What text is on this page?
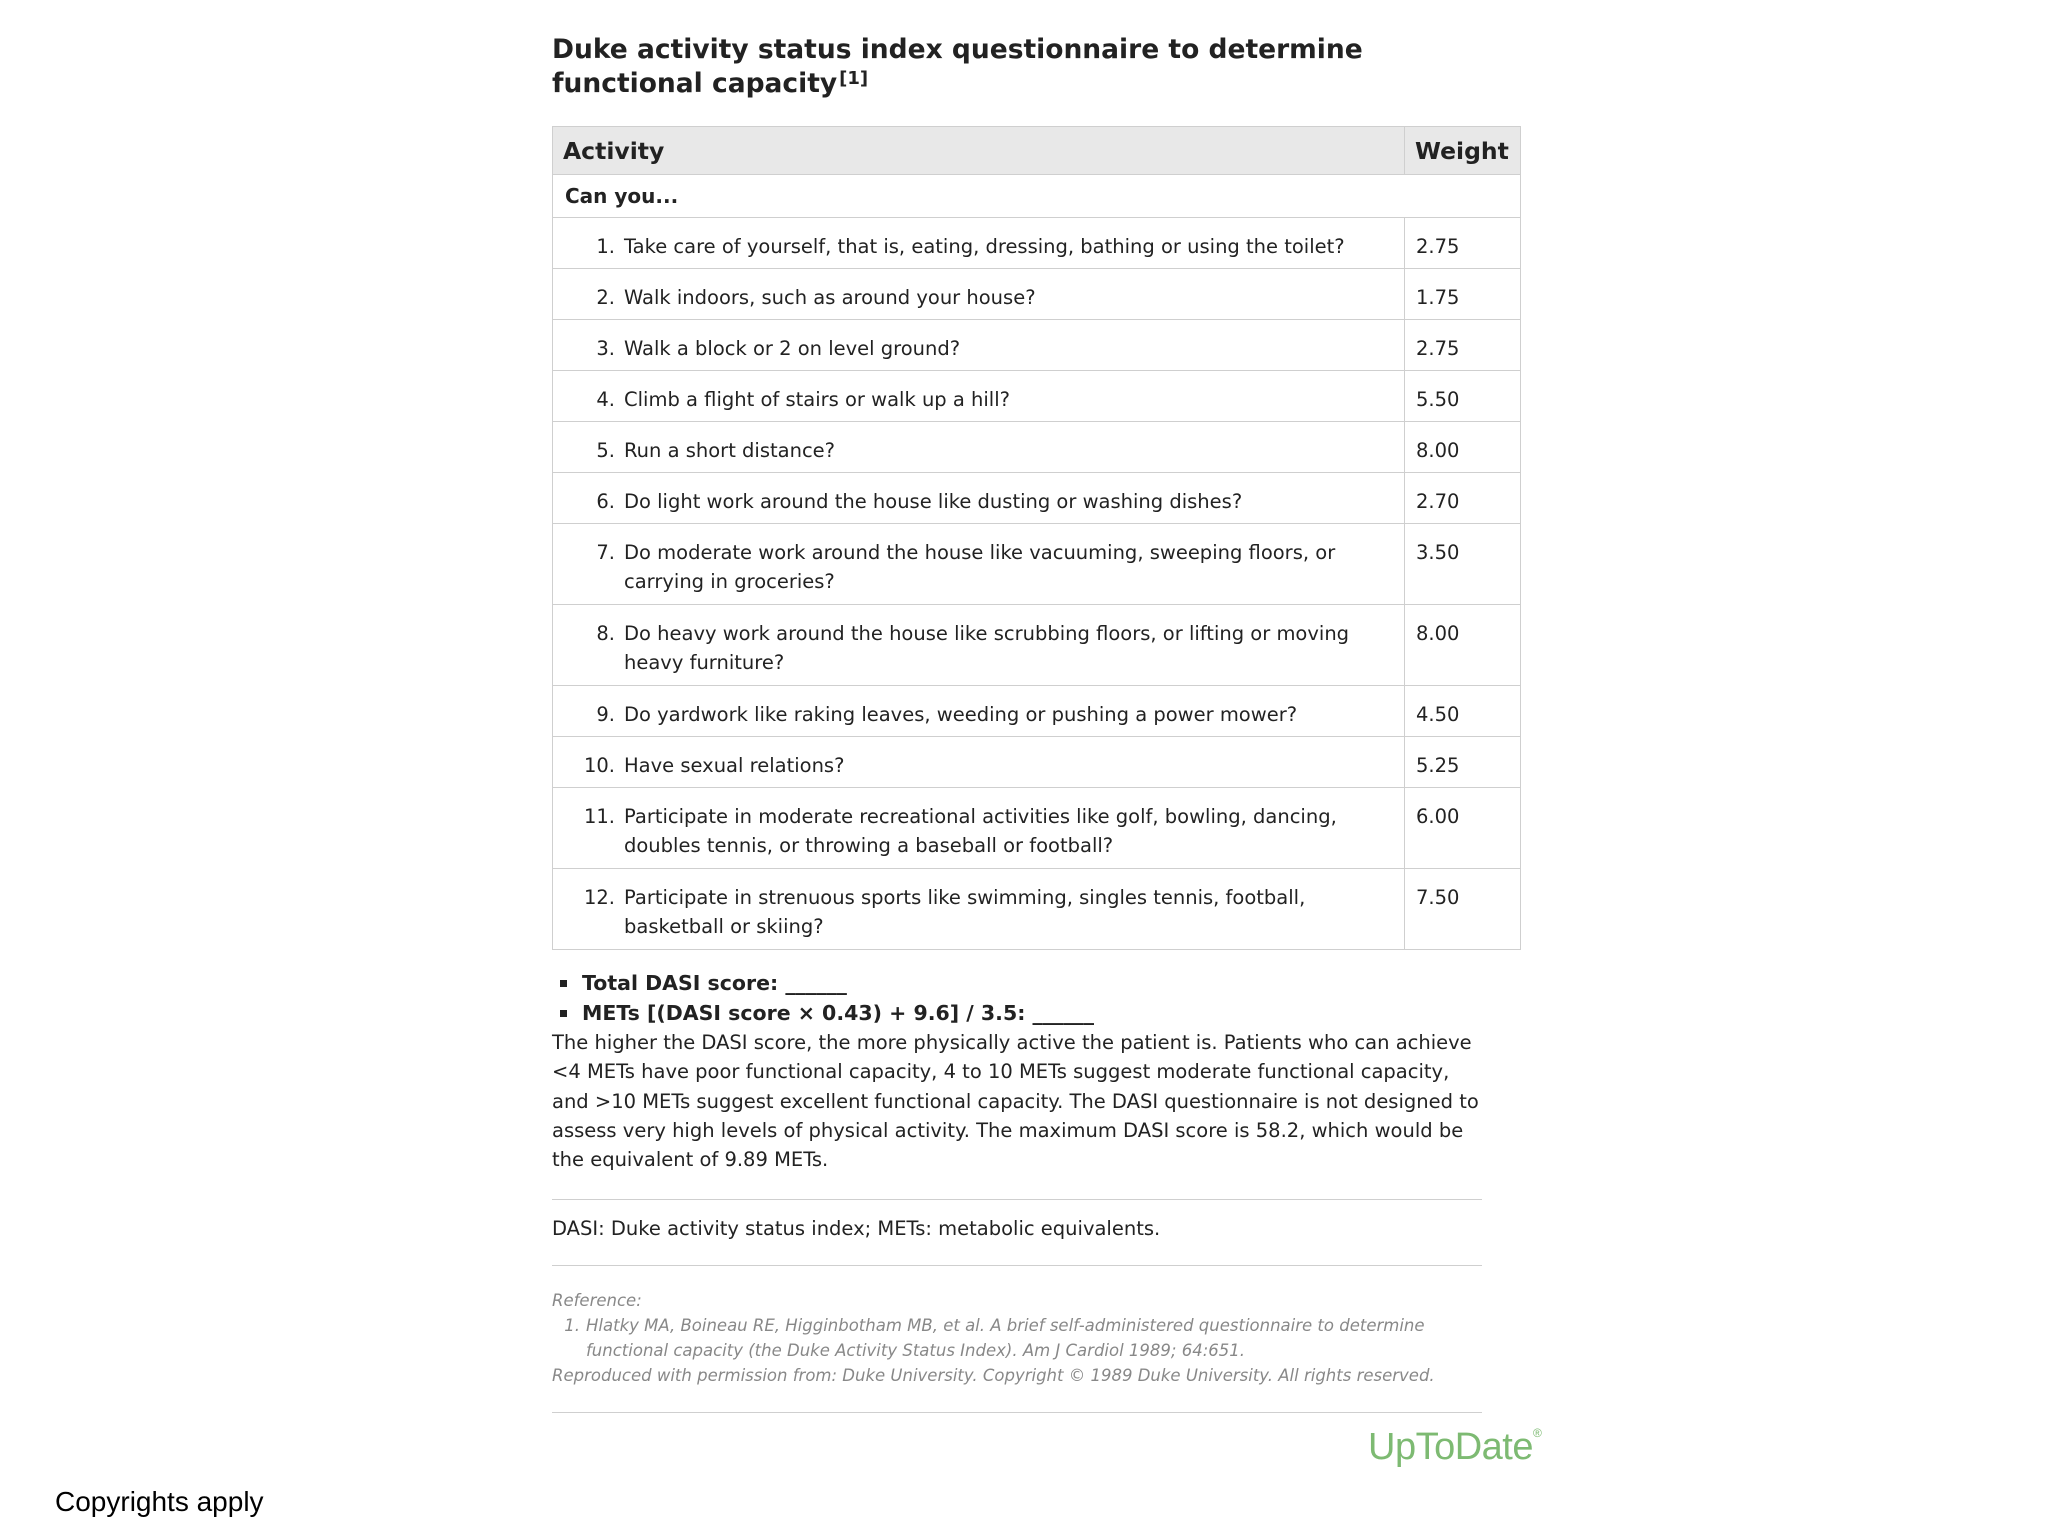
Duke activity status index questionnaire to determine functional capacity [1]
Activity	Weight
Can you...	

1. Take care of yourself, that is, eating, dressing, bathing or using the toilet?	2.75

2. Walk indoors, such as around your house?	1.75

3. Walk a block or 2 on level ground?	2.75

4. Climb a flight of stairs or walk up a hill?	5.50

5. Run a short distance?	8.00

6. Do light work around the house like dusting or washing dishes?	2.70

7. Do moderate work around the house like vacuuming, sweeping floors, or carrying in groceries?	3.50

8. Do heavy work around the house like scrubbing floors, or lifting or moving heavy furniture?	8.00

9. Do yardwork like raking leaves, weeding or pushing a power mower?	4.50

10. Have sexual relations?	5.25

11. Participate in moderate recreational activities like golf, bowling, dancing, doubles tennis, or throwing a baseball or football?	6.00

12. Participate in strenuous sports like swimming, singles tennis, football, basketball or skiing?	7.50
Total DASI score: ______
METs [(DASI score × 0.43) + 9.6] / 3.5: ______

The higher the DASI score, the more physically active the patient is. Patients who can achieve <4 METs have poor functional capacity, 4 to 10 METs suggest moderate functional capacity, and >10 METs suggest excellent functional capacity. The DASI questionnaire is not designed to assess very high levels of physical activity. The maximum DASI score is 58.2, which would be the equivalent of 9.89 METs.

DASI: Duke activity status index; METs: metabolic equivalents.

Reference:
1. Hlatky MA, Boineau RE, Higginbotham MB, et al. A brief self-administered questionnaire to determine functional capacity (the Duke Activity Status Index). Am J Cardiol 1989; 64:651.
Reproduced with permission from: Duke University. Copyright © 1989 Duke University. All rights reserved.
UpToDate®
Copyrights apply
